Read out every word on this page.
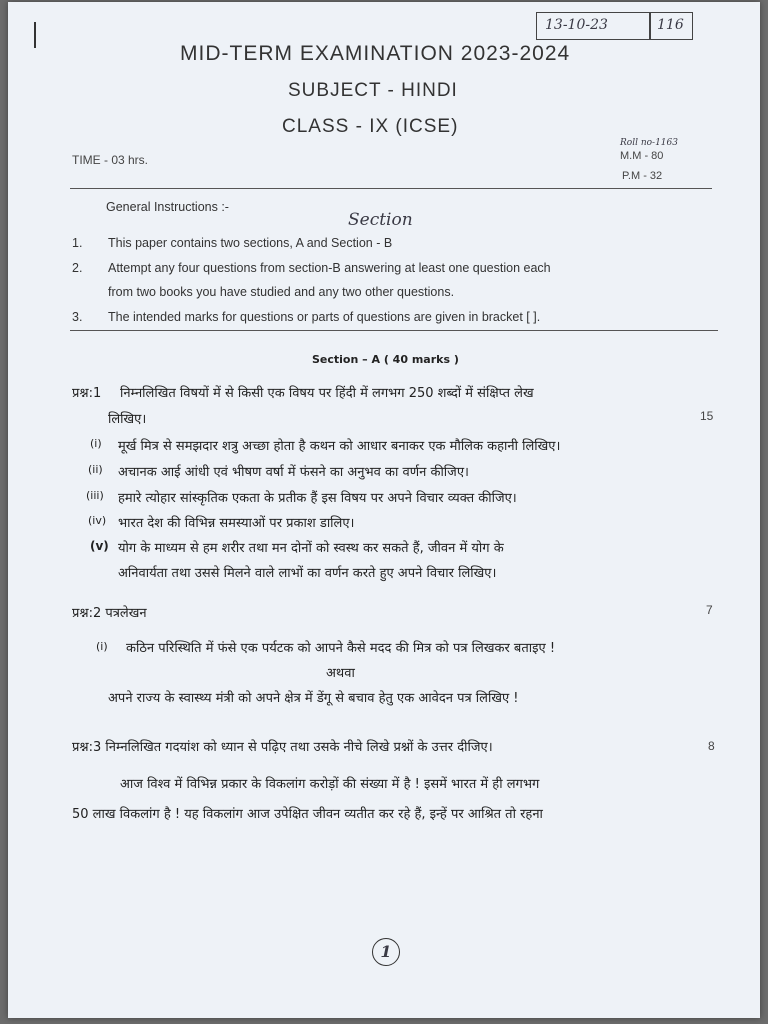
13-10-23	116
MID-TERM EXAMINATION 2023-2024
SUBJECT - HINDI
CLASS - IX (ICSE)
TIME - 03 hrs.
Roll no-1163
M.M - 80
P.M - 32
General Instructions :-
Section
1. This paper contains two sections, A and Section - B
2. Attempt any four questions from section-B answering at least one question each
from two books you have studied and any two other questions.
3. The intended marks for questions or parts of questions are given in bracket [ ].
Section – A ( 40 marks )
प्रश्न:1 निम्नलिखित विषयों में से किसी एक विषय पर हिंदी में लगभग 250 शब्दों में संक्षिप्त लेख
लिखिए।	15
(i) मूर्ख मित्र से समझदार शत्रु अच्छा होता है कथन को आधार बनाकर एक मौलिक कहानी लिखिए।
(ii) अचानक आई आंधी एवं भीषण वर्षा में फंसने का अनुभव का वर्णन कीजिए।
(iii) हमारे त्योहार सांस्कृतिक एकता के प्रतीक हैं इस विषय पर अपने विचार व्यक्त कीजिए।
(iv) भारत देश की विभिन्न समस्याओं पर प्रकाश डालिए।
(v) योग के माध्यम से हम शरीर तथा मन दोनों को स्वस्थ कर सकते हैं, जीवन में योग के
अनिवार्यता तथा उससे मिलने वाले लाभों का वर्णन करते हुए अपने विचार लिखिए।
प्रश्न:2 पत्रलेखन	7
(i) कठिन परिस्थिति में फंसे एक पर्यटक को आपने कैसे मदद की मित्र को पत्र लिखकर बताइए !
अथवा
अपने राज्य के स्वास्थ्य मंत्री को अपने क्षेत्र में डेंगू से बचाव हेतु एक आवेदन पत्र लिखिए !
प्रश्न:3 निम्नलिखित गदयांश को ध्यान से पढ़िए तथा उसके नीचे लिखे प्रश्नों के उत्तर दीजिए।	8
आज विश्व में विभिन्न प्रकार के विकलांग करोड़ों की संख्या में है ! इसमें भारत में ही लगभग
50 लाख विकलांग है ! यह विकलांग आज उपेक्षित जीवन व्यतीत कर रहे हैं, इन्हें पर आश्रित तो रहना
1
